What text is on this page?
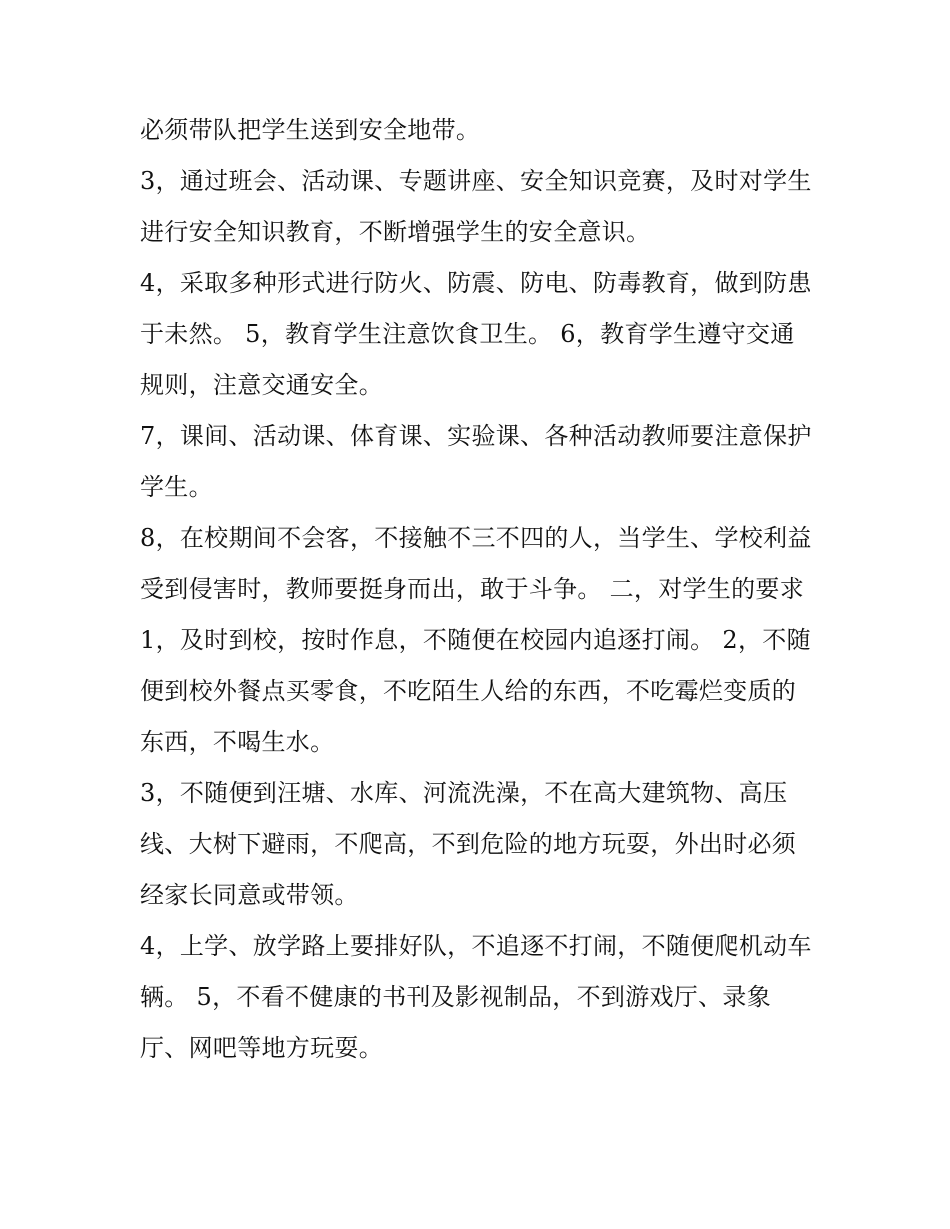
必须带队把学生送到安全地带。

3，通过班会、活动课、专题讲座、安全知识竞赛，及时对学生进行安全知识教育，不断增强学生的安全意识。

4，采取多种形式进行防火、防震、防电、防毒教育，做到防患于未然。 5，教育学生注意饮食卫生。 6，教育学生遵守交通规则，注意交通安全。

7，课间、活动课、体育课、实验课、各种活动教师要注意保护学生。

8，在校期间不会客，不接触不三不四的人，当学生、学校利益受到侵害时，教师要挺身而出，敢于斗争。 二，对学生的要求

1，及时到校，按时作息，不随便在校园内追逐打闹。 2，不随便到校外餐点买零食，不吃陌生人给的东西，不吃霉烂变质的东西，不喝生水。

3，不随便到汪塘、水库、河流洗澡，不在高大建筑物、高压线、大树下避雨，不爬高，不到危险的地方玩耍，外出时必须经家长同意或带领。

4，上学、放学路上要排好队，不追逐不打闹，不随便爬机动车辆。 5，不看不健康的书刊及影视制品，不到游戏厅、录象厅、网吧等地方玩耍。
